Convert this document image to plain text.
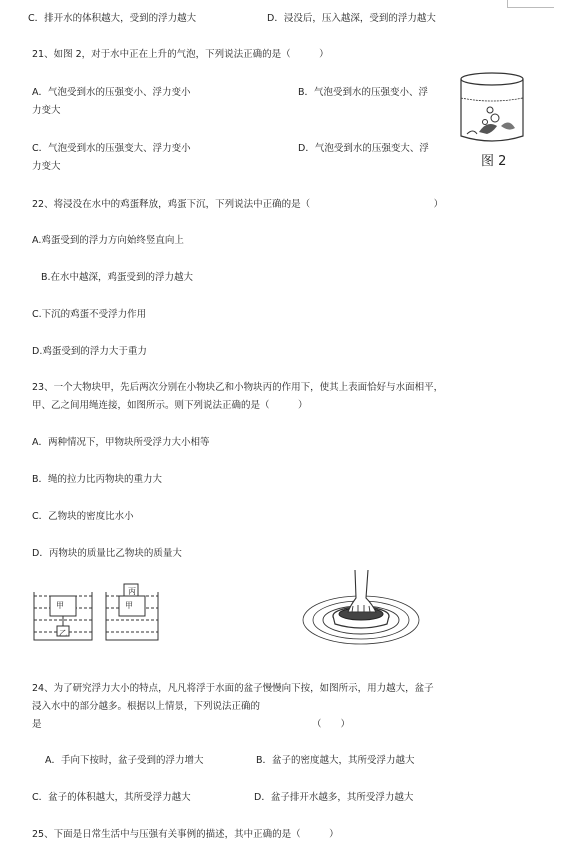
C．排开水的体积越大，受到的浮力越大	D．浸没后，压入越深，受到的浮力越大
21、如图 2，对于水中正在上升的气泡，下列说法正确的是（　　　）
A．气泡受到水的压强变小、浮力变小	B．气泡受到水的压强变小、浮
力变大
C．气泡受到水的压强变大、浮力变小	D．气泡受到水的压强变大、浮
力变大	图 2
22、将浸没在水中的鸡蛋释放，鸡蛋下沉，下列说法中正确的是（　　　　　　　　　　　　　）
A.鸡蛋受到的浮力方向始终竖直向上
B.在水中越深，鸡蛋受到的浮力越大
C.下沉的鸡蛋不受浮力作用
D.鸡蛋受到的浮力大于重力
23、一个大物块甲，先后两次分别在小物块乙和小物块丙的作用下，使其上表面恰好与水面相平，
甲、乙之间用绳连接，如图所示。则下列说法正确的是（　　　）
A．两种情况下，甲物块所受浮力大小相等
B．绳的拉力比丙物块的重力大
C．乙物块的密度比水小
D．丙物块的质量比乙物块的质量大
甲
乙
甲
丙
24、为了研究浮力大小的特点，凡凡将浮于水面的盆子慢慢向下按，如图所示，用力越大，盆子
浸入水中的部分越多。根据以上情景，下列说法正确的
是	（　　）
A．手向下按时，盆子受到的浮力增大	B．盆子的密度越大，其所受浮力越大
C．盆子的体积越大，其所受浮力越大	D．盆子排开水越多，其所受浮力越大
25、下面是日常生活中与压强有关事例的描述，其中正确的是（　　　）
